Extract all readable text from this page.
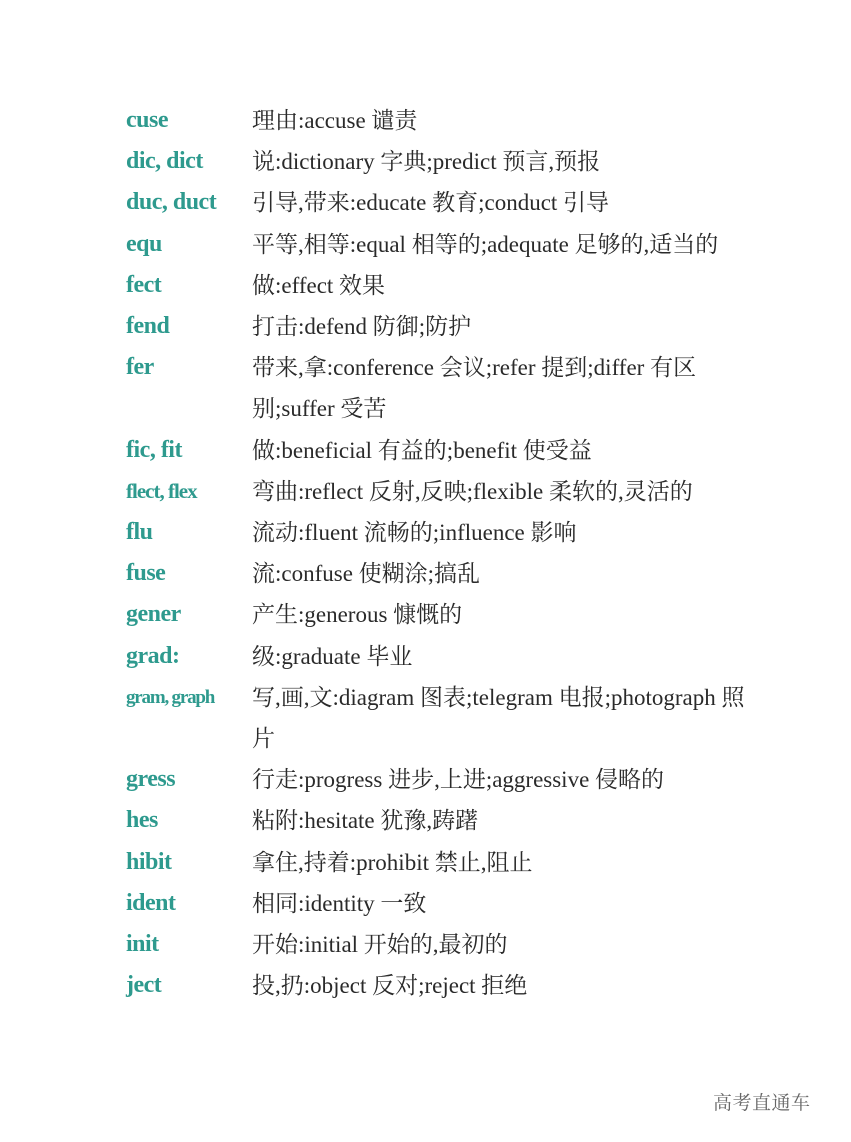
cuse	理由:accuse 谴责
dic, dict	说:dictionary 字典;predict 预言,预报
duc, duct	引导,带来:educate 教育;conduct 引导
equ	平等,相等:equal 相等的;adequate 足够的,适当的
fect	做:effect 效果
fend	打击:defend 防御;防护
fer	带来,拿:conference 会议;refer 提到;differ 有区别;suffer 受苦
fic, fit	做:beneficial 有益的;benefit 使受益
flect, flex	弯曲:reflect 反射,反映;flexible 柔软的,灵活的
flu	流动:fluent 流畅的;influence 影响
fuse	流:confuse 使糊涂;搞乱
gener	产生:generous 慷慨的
grad:	级:graduate 毕业
gram, graph	写,画,文:diagram 图表;telegram 电报;photograph 照片
gress	行走:progress 进步,上进;aggressive 侵略的
hes	粘附:hesitate 犹豫,踌躇
hibit	拿住,持着:prohibit 禁止,阻止
ident	相同:identity 一致
init	开始:initial 开始的,最初的
ject	投,扔:object 反对;reject 拒绝
高考直通车
